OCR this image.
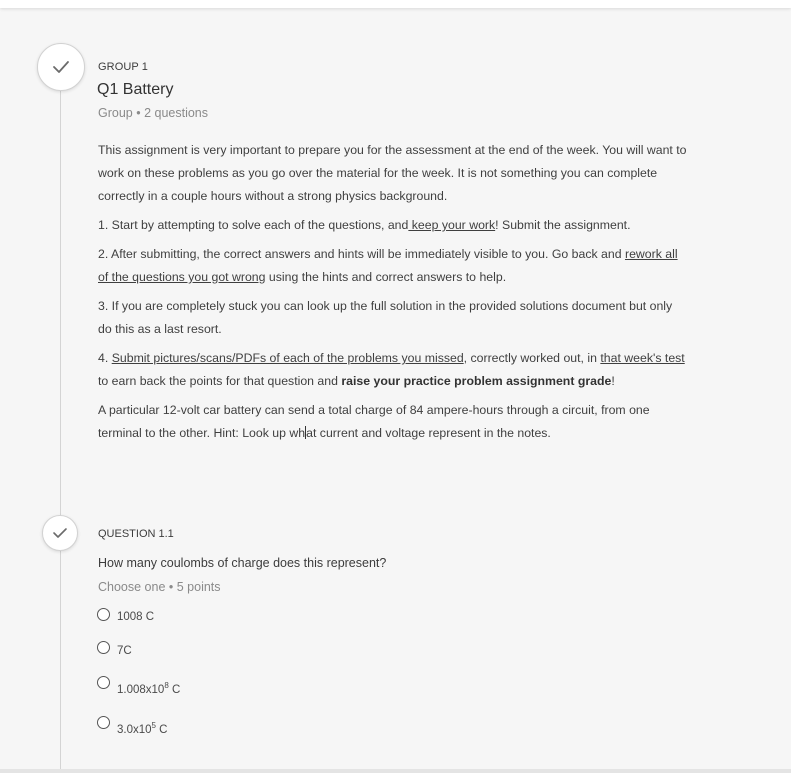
GROUP 1
Q1 Battery
Group • 2 questions

This assignment is very important to prepare you for the assessment at the end of the week. You will want to work on these problems as you go over the material for the week. It is not something you can complete correctly in a couple hours without a strong physics background.

1. Start by attempting to solve each of the questions, and keep your work! Submit the assignment.

2. After submitting, the correct answers and hints will be immediately visible to you. Go back and rework all of the questions you got wrong using the hints and correct answers to help.

3. If you are completely stuck you can look up the full solution in the provided solutions document but only do this as a last resort.

4. Submit pictures/scans/PDFs of each of the problems you missed, correctly worked out, in that week's test to earn back the points for that question and raise your practice problem assignment grade!

A particular 12-volt car battery can send a total charge of 84 ampere-hours through a circuit, from one terminal to the other. Hint: Look up what current and voltage represent in the notes.

QUESTION 1.1
How many coulombs of charge does this represent?
Choose one • 5 points
1008 C
7C
$1.008x10^8$ C
$3.0x10^5$ C
